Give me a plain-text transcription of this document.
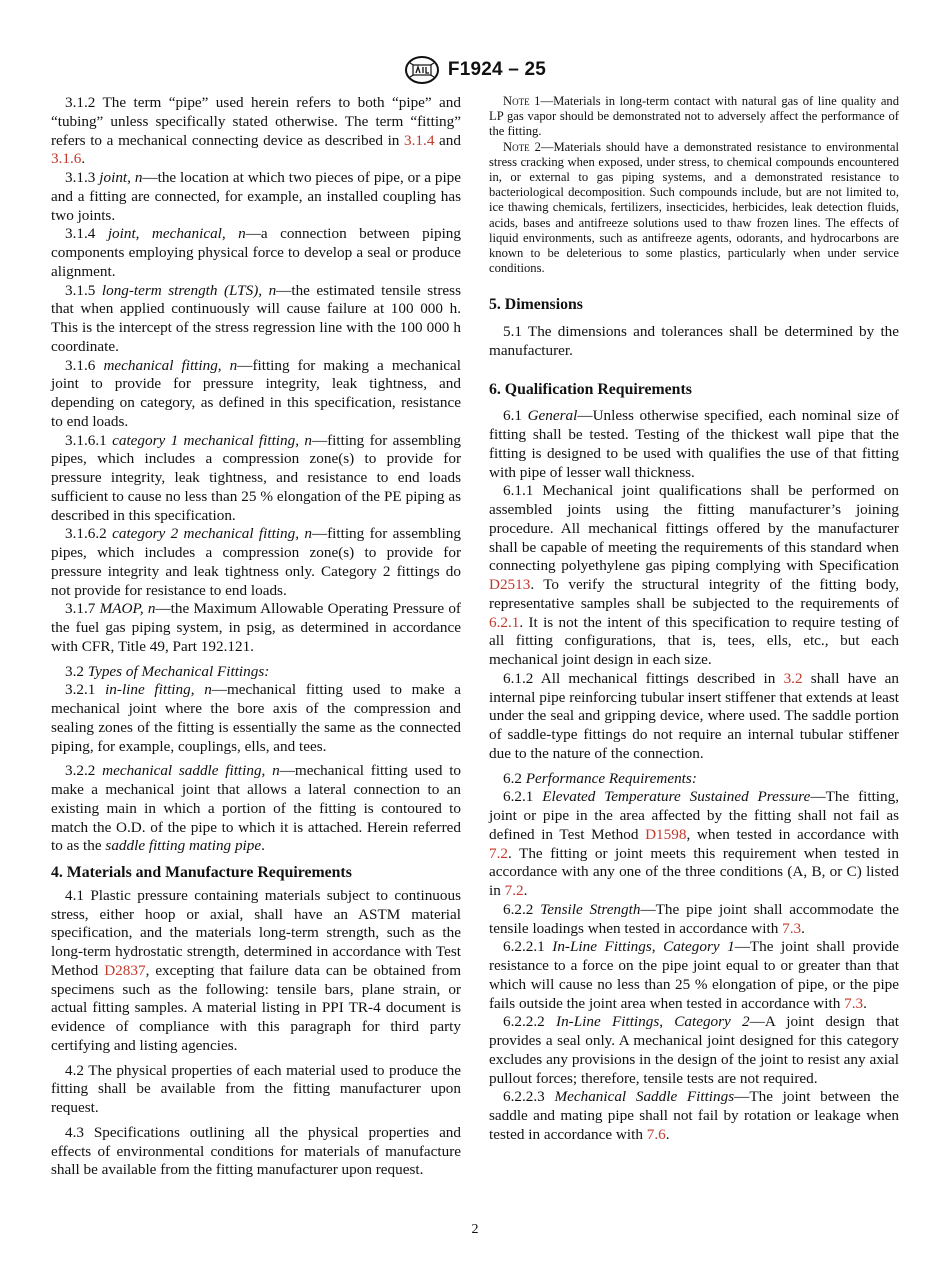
F1924 – 25

3.1.2 The term “pipe” used herein refers to both “pipe” and “tubing” unless specifically stated otherwise. The term “fitting” refers to a mechanical connecting device as described in 3.1.4 and 3.1.6.

3.1.3 joint, n—the location at which two pieces of pipe, or a pipe and a fitting are connected, for example, an installed coupling has two joints.

3.1.4 joint, mechanical, n—a connection between piping components employing physical force to develop a seal or produce alignment.

3.1.5 long-term strength (LTS), n—the estimated tensile stress that when applied continuously will cause failure at 100 000 h. This is the intercept of the stress regression line with the 100 000 h coordinate.

3.1.6 mechanical fitting, n—fitting for making a mechanical joint to provide for pressure integrity, leak tightness, and depending on category, as defined in this specification, resistance to end loads.

3.1.6.1 category 1 mechanical fitting, n—fitting for assembling pipes, which includes a compression zone(s) to provide for pressure integrity, leak tightness, and resistance to end loads sufficient to cause no less than 25 % elongation of the PE piping as described in this specification.

3.1.6.2 category 2 mechanical fitting, n—fitting for assembling pipes, which includes a compression zone(s) to provide for pressure integrity and leak tightness only. Category 2 fittings do not provide for resistance to end loads.

3.1.7 MAOP, n—the Maximum Allowable Operating Pressure of the fuel gas piping system, in psig, as determined in accordance with CFR, Title 49, Part 192.121.

3.2 Types of Mechanical Fittings:

3.2.1 in-line fitting, n—mechanical fitting used to make a mechanical joint where the bore axis of the compression and sealing zones of the fitting is essentially the same as the connected piping, for example, couplings, ells, and tees.

3.2.2 mechanical saddle fitting, n—mechanical fitting used to make a mechanical joint that allows a lateral connection to an existing main in which a portion of the fitting is contoured to match the O.D. of the pipe to which it is attached. Herein referred to as the saddle fitting mating pipe.

4. Materials and Manufacture Requirements

4.1 Plastic pressure containing materials subject to continuous stress, either hoop or axial, shall have an ASTM material specification, and the materials long-term strength, such as the long-term hydrostatic strength, determined in accordance with Test Method D2837, excepting that failure data can be obtained from specimens such as the following: tensile bars, plane strain, or actual fitting samples. A material listing in PPI TR-4 document is evidence of compliance with this paragraph for third party certifying and listing agencies.

4.2 The physical properties of each material used to produce the fitting shall be available from the fitting manufacturer upon request.

4.3 Specifications outlining all the physical properties and effects of environmental conditions for materials of manufacture shall be available from the fitting manufacturer upon request.

Note 1—Materials in long-term contact with natural gas of line quality and LP gas vapor should be demonstrated not to adversely affect the performance of the fitting.

Note 2—Materials should have a demonstrated resistance to environmental stress cracking when exposed, under stress, to chemical compounds encountered in, or external to gas piping systems, and a demonstrated resistance to bacteriological decomposition. Such compounds include, but are not limited to, ice thawing chemicals, fertilizers, insecticides, herbicides, leak detection fluids, acids, bases and antifreeze solutions used to thaw frozen lines. The effects of liquid environments, such as antifreeze agents, odorants, and hydrocarbons are known to be deleterious to some plastics, particularly when under service conditions.

5. Dimensions

5.1 The dimensions and tolerances shall be determined by the manufacturer.

6. Qualification Requirements

6.1 General—Unless otherwise specified, each nominal size of fitting shall be tested. Testing of the thickest wall pipe that the fitting is designed to be used with qualifies the use of that fitting with pipe of lesser wall thickness.

6.1.1 Mechanical joint qualifications shall be performed on assembled joints using the fitting manufacturer’s joining procedure. All mechanical fittings offered by the manufacturer shall be capable of meeting the requirements of this standard when connecting polyethylene gas piping complying with Specification D2513. To verify the structural integrity of the fitting body, representative samples shall be subjected to the requirements of 6.2.1. It is not the intent of this specification to require testing of all fitting configurations, that is, tees, ells, etc., but each mechanical joint design in each size.

6.1.2 All mechanical fittings described in 3.2 shall have an internal pipe reinforcing tubular insert stiffener that extends at least under the seal and gripping device, where used. The saddle portion of saddle-type fittings do not require an internal tubular stiffener due to the nature of the connection.

6.2 Performance Requirements:

6.2.1 Elevated Temperature Sustained Pressure—The fitting, joint or pipe in the area affected by the fitting shall not fail as defined in Test Method D1598, when tested in accordance with 7.2. The fitting or joint meets this requirement when tested in accordance with any one of the three conditions (A, B, or C) listed in 7.2.

6.2.2 Tensile Strength—The pipe joint shall accommodate the tensile loadings when tested in accordance with 7.3.

6.2.2.1 In-Line Fittings, Category 1—The joint shall provide resistance to a force on the pipe joint equal to or greater than that which will cause no less than 25 % elongation of pipe, or the pipe fails outside the joint area when tested in accordance with 7.3.

6.2.2.2 In-Line Fittings, Category 2—A joint design that provides a seal only. A mechanical joint designed for this category excludes any provisions in the design of the joint to resist any axial pullout forces; therefore, tensile tests are not required.

6.2.2.3 Mechanical Saddle Fittings—The joint between the saddle and mating pipe shall not fail by rotation or leakage when tested in accordance with 7.6.

2
